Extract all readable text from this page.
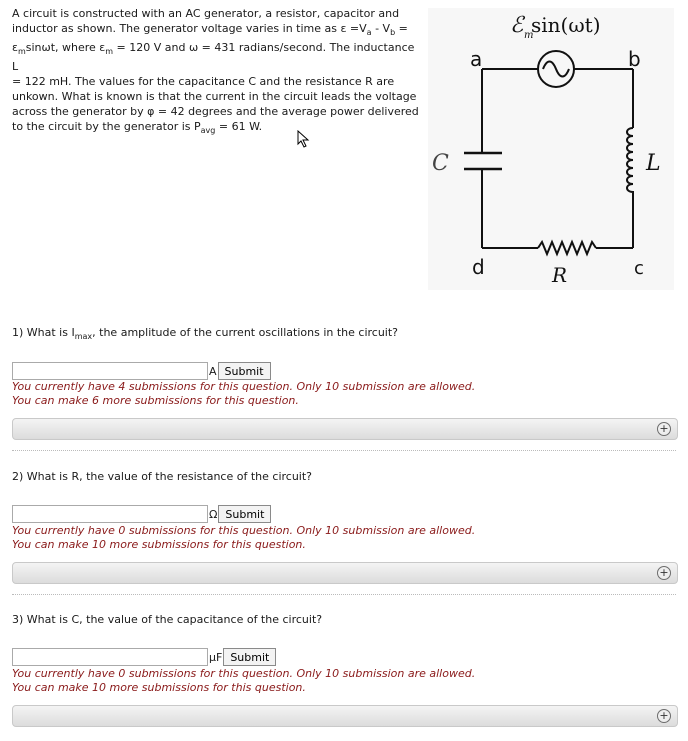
A circuit is constructed with an AC generator, a resistor, capacitor and
inductor as shown. The generator voltage varies in time as $\varepsilon =V_a - V_b$ =
$\varepsilon_m\sin\omega t$, where $\varepsilon_m = 120$ V and ω = 431 radians/second. The inductance L
= 122 mH. The values for the capacitance C and the resistance R are
unkown. What is known is that the current in the circuit leads the voltage
across the generator by φ = 42 degrees and the average power delivered
to the circuit by the generator is $P_{avg} = 61$ W.
ℰ m
sin(ωt)
a	b
d	c
C	L
R
1) What is $I_{max}$, the amplitude of the current oscillations in the circuit?
A Submit
You currently have 4 submissions for this question. Only 10 submission are allowed.
You can make 6 more submissions for this question.
+
2) What is R, the value of the resistance of the circuit?
Ω Submit
You currently have 0 submissions for this question. Only 10 submission are allowed.
You can make 10 more submissions for this question.
+
3) What is C, the value of the capacitance of the circuit?
μF Submit
You currently have 0 submissions for this question. Only 10 submission are allowed.
You can make 10 more submissions for this question.
+
